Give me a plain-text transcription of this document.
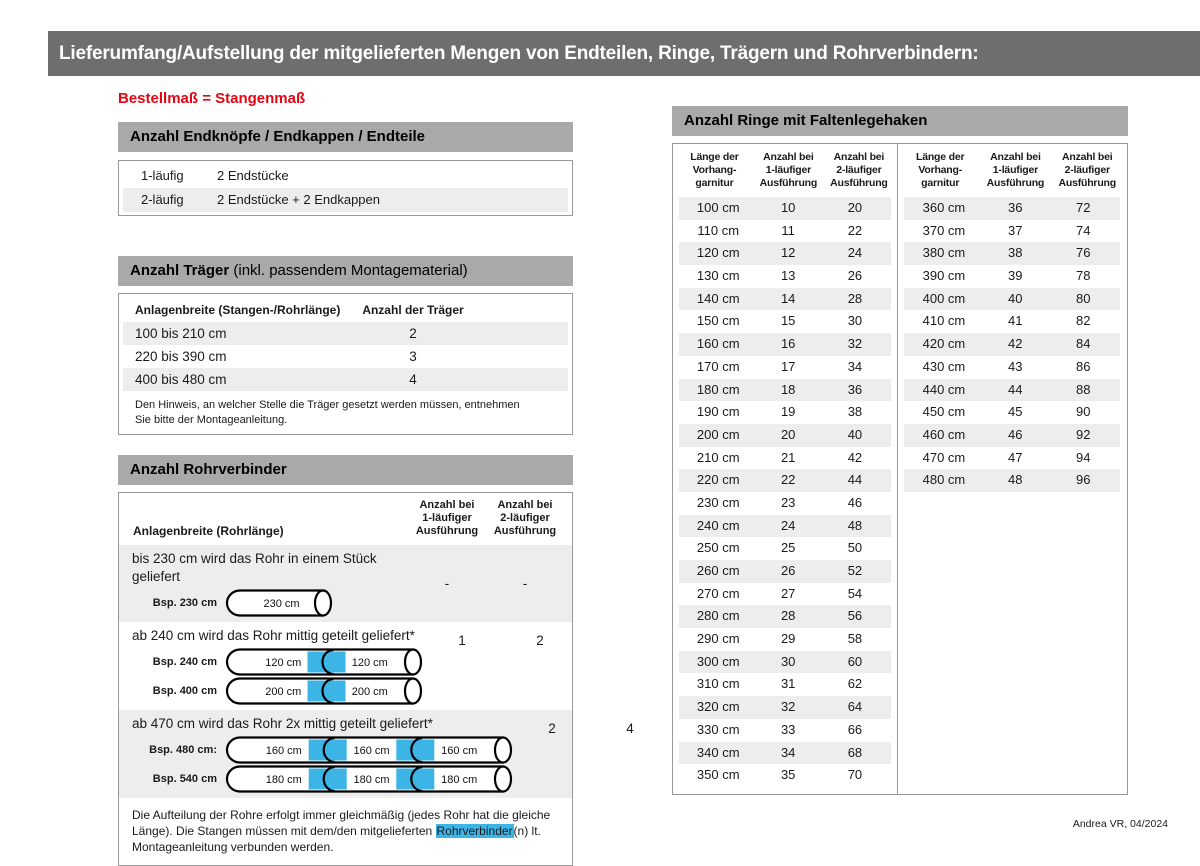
Lieferumfang/Aufstellung der mitgelieferten Mengen von Endteilen, Ringe, Trägern und Rohrverbindern:
Bestellmaß = Stangenmaß
Anzahl Endknöpfe / Endkappen / Endteile
1-läufig	2 Endstücke
2-läufig	2 Endstücke + 2 Endkappen
Anzahl Träger (inkl. passendem Montagematerial)
Anlagenbreite (Stangen-/Rohrlänge)	Anzahl der Träger
100 bis 210 cm	2
220 bis 390 cm	3
400 bis 480 cm	4
Den Hinweis, an welcher Stelle die Träger gesetzt werden müssen, entnehmen Sie bitte der Montageanleitung.
Anzahl Rohrverbinder
Anlagenbreite (Rohrlänge)
Anzahl bei
1-läufiger
Ausführung
Anzahl bei
2-läufiger
Ausführung
bis 230 cm wird das Rohr in einem Stück geliefert
Bsp. 230 cm	230 cm
-	-
ab 240 cm wird das Rohr mittig geteilt geliefert*
Bsp. 240 cm	120 cm	120 cm
Bsp. 400 cm	200 cm	200 cm
1	2
ab 470 cm wird das Rohr 2x mittig geteilt geliefert*
Bsp. 480 cm:	160 cm	160 cm	160 cm
Bsp. 540 cm	180 cm	180 cm	180 cm
2	4
Die Aufteilung der Rohre erfolgt immer gleichmäßig (jedes Rohr hat die gleiche Länge). Die Stangen müssen mit dem/den mitgelieferten Rohrverbinder(n) lt. Montageanleitung verbunden werden.
Anzahl Ringe mit Faltenlegehaken
Länge der
Vorhang-
garnitur
Anzahl bei
1-läufiger
Ausführung
Anzahl bei
2-läufiger
Ausführung
100 cm	10	20
110 cm	11	22
120 cm	12	24
130 cm	13	26
140 cm	14	28
150 cm	15	30
160 cm	16	32
170 cm	17	34
180 cm	18	36
190 cm	19	38
200 cm	20	40
210 cm	21	42
220 cm	22	44
230 cm	23	46
240 cm	24	48
250 cm	25	50
260 cm	26	52
270 cm	27	54
280 cm	28	56
290 cm	29	58
300 cm	30	60
310 cm	31	62
320 cm	32	64
330 cm	33	66
340 cm	34	68
350 cm	35	70
Länge der
Vorhang-
garnitur
Anzahl bei
1-läufiger
Ausführung
Anzahl bei
2-läufiger
Ausführung
360 cm	36	72
370 cm	37	74
380 cm	38	76
390 cm	39	78
400 cm	40	80
410 cm	41	82
420 cm	42	84
430 cm	43	86
440 cm	44	88
450 cm	45	90
460 cm	46	92
470 cm	47	94
480 cm	48	96
Andrea VR, 04/2024
